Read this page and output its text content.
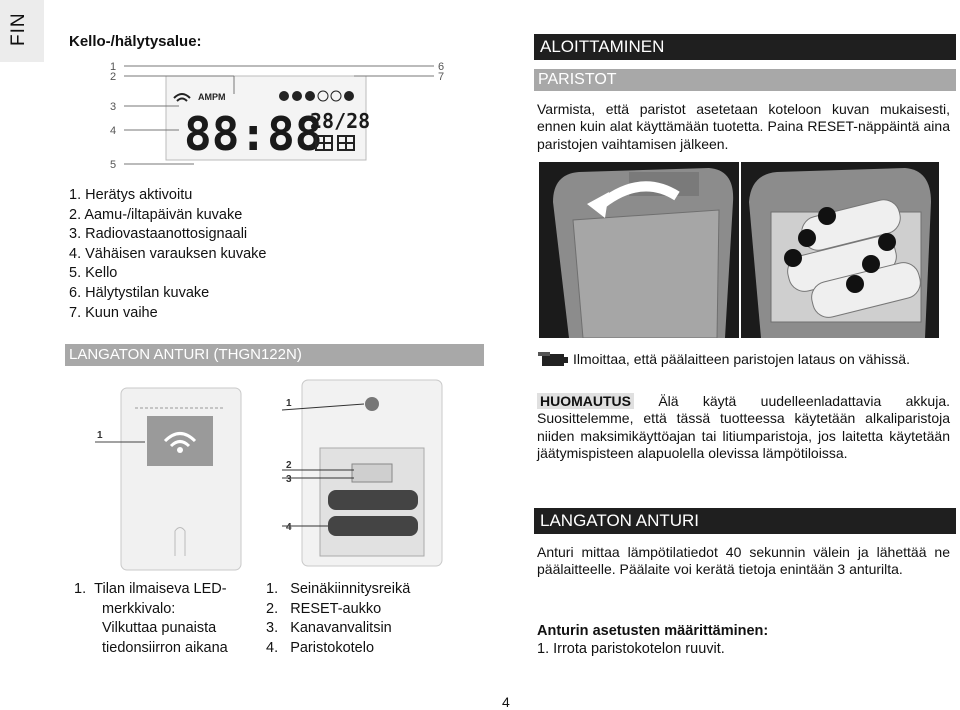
FIN	Kello-/hälytysalue:
1
2
3
4
5
6
7
AMPM
88:88
28/28
1. Herätys aktivoitu
2. Aamu-/iltapäivän kuvake
3. Radiovastaanottosignaali
4. Vähäisen varauksen kuvake
5. Kello
6. Hälytystilan kuvake
7. Kuun vaihe
LANGATON ANTURI (THGN122N)
1
1
2
3
4
1. Tilan ilmaiseva LED-
merkkivalo:
Vilkuttaa punaista
tiedonsiirron aikana
1. Seinäkiinnitysreikä
2. RESET-aukko
3. Kanavanvalitsin
4. Paristokotelo
ALOITTAMINEN
PARISTOT
Varmista, että paristot asetetaan koteloon kuvan mukaisesti, ennen kuin alat käyttämään tuotetta. Paina RESET-näppäintä aina paristojen vaihtamisen jälkeen.
Ilmoittaa, että päälaitteen paristojen lataus on vähissä.
HUOMAUTUS Älä käytä uudelleenladattavia akkuja. Suosittelemme, että tässä tuotteessa käytetään alkaliparistoja niiden maksimikäyttöajan tai litiumparistoja, jos laitetta käytetään jäätymispisteen alapuolella olevissa lämpötiloissa.
LANGATON ANTURI
Anturi mittaa lämpötilatiedot 40 sekunnin välein ja lähettää ne päälaitteelle. Päälaite voi kerätä tietoja enintään 3 anturilta.
Anturin asetusten määrittäminen:
1. Irrota paristokotelon ruuvit.
4
